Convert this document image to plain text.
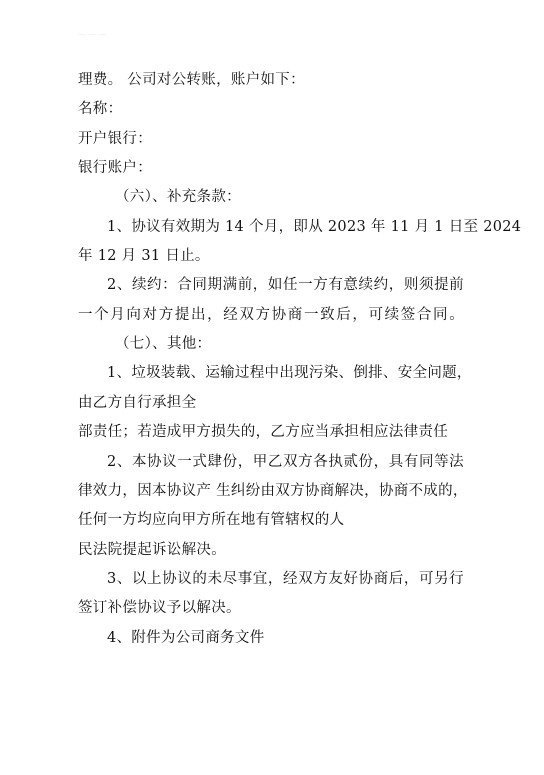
— — —
理费。 公司对公转账，账户如下：
名称：
开户银行：
银行账户：
（六）、补充条款：
1、协议有效期为 14 个月，即从 2023 年 11 月 1 日至 2024
年 12 月 31 日止。
2、续约：合同期满前，如任一方有意续约，则须提前
一个月向对方提出，经双方协商一致后，可续签合同。
（七）、其他：
1、垃圾装载、运输过程中出现污染、倒排、安全问题，
由乙方自行承担全
部责任；若造成甲方损失的，乙方应当承担相应法律责任
2、本协议一式肆份，甲乙双方各执贰份，具有同等法
律效力，因本协议产 生纠纷由双方协商解决，协商不成的，
任何一方均应向甲方所在地有管辖权的人
民法院提起诉讼解决。
3、以上协议的未尽事宜，经双方友好协商后，可另行
签订补偿协议予以解决。
4、附件为公司商务文件
